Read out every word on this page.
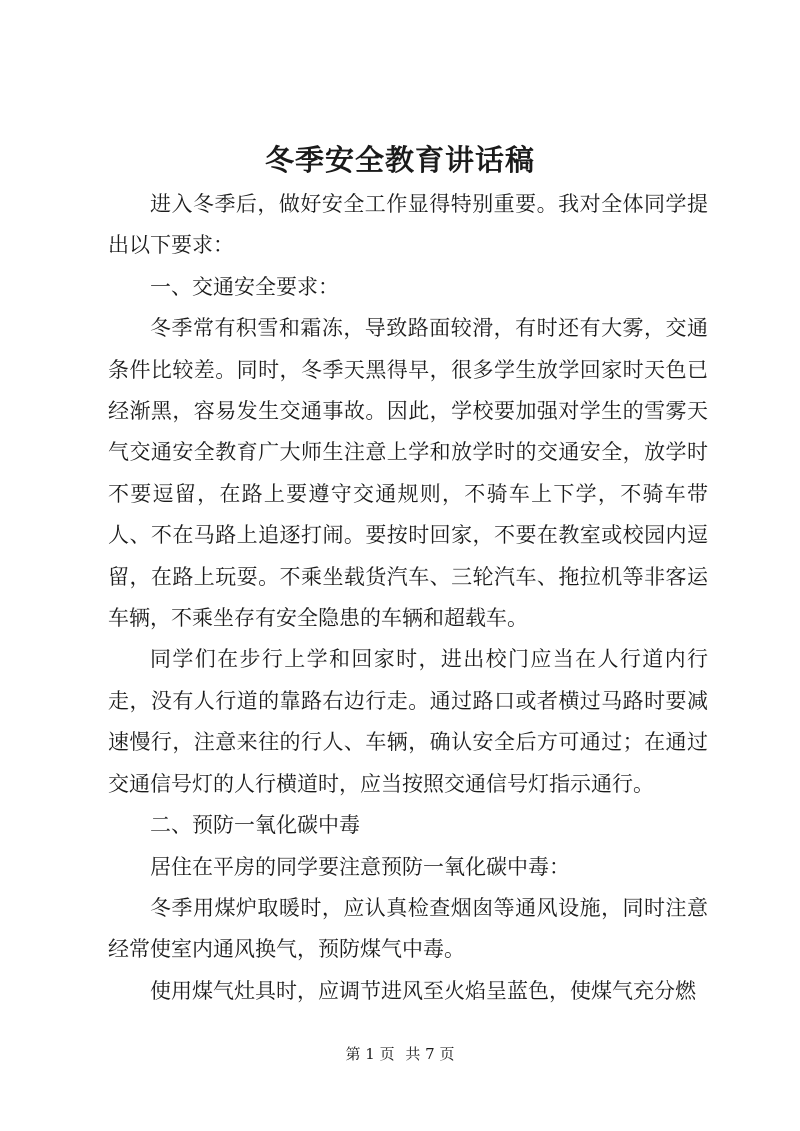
冬季安全教育讲话稿

进入冬季后，做好安全工作显得特别重要。我对全体同学提出以下要求：

一、交通安全要求：

冬季常有积雪和霜冻，导致路面较滑，有时还有大雾，交通条件比较差。同时，冬季天黑得早，很多学生放学回家时天色已经渐黑，容易发生交通事故。因此，学校要加强对学生的雪雾天气交通安全教育广大师生注意上学和放学时的交通安全，放学时不要逗留，在路上要遵守交通规则，不骑车上下学，不骑车带人、不在马路上追逐打闹。要按时回家，不要在教室或校园内逗留，在路上玩耍。不乘坐载货汽车、三轮汽车、拖拉机等非客运车辆，不乘坐存有安全隐患的车辆和超载车。

同学们在步行上学和回家时，进出校门应当在人行道内行走，没有人行道的靠路右边行走。通过路口或者横过马路时要减速慢行，注意来往的行人、车辆，确认安全后方可通过；在通过交通信号灯的人行横道时，应当按照交通信号灯指示通行。

二、预防一氧化碳中毒

居住在平房的同学要注意预防一氧化碳中毒：

冬季用煤炉取暖时，应认真检查烟囱等通风设施，同时注意经常使室内通风换气，预防煤气中毒。

使用煤气灶具时，应调节进风至火焰呈蓝色，使煤气充分燃

第 1 页 共 7 页
